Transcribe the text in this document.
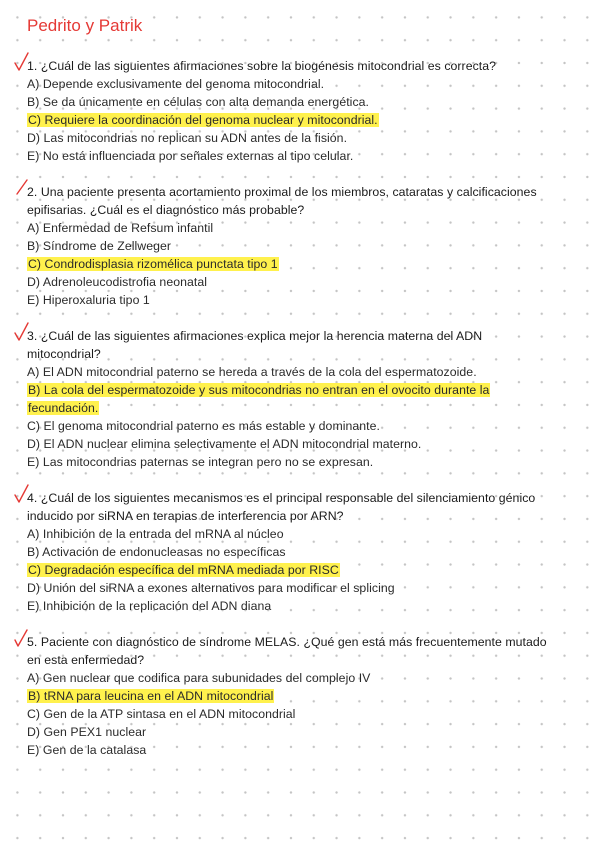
Pedrito y Patrik

1. ¿Cuál de las siguientes afirmaciones sobre la biogénesis mitocondrial es correcta?

A) Depende exclusivamente del genoma mitocondrial.
B) Se da únicamente en células con alta demanda energética.
C) Requiere la coordinación del genoma nuclear y mitocondrial.
D) Las mitocondrias no replican su ADN antes de la fisión.
E) No está influenciada por señales externas al tipo celular.

2. Una paciente presenta acortamiento proximal de los miembros, cataratas y calcificaciones epifisarias. ¿Cuál es el diagnóstico más probable?

A) Enfermedad de Refsum infantil
B) Síndrome de Zellweger
C) Condrodisplasia rizomélica punctata tipo 1
D) Adrenoleucodistrofia neonatal
E) Hiperoxaluria tipo 1

3. ¿Cuál de las siguientes afirmaciones explica mejor la herencia materna del ADN mitocondrial?

A) El ADN mitocondrial paterno se hereda a través de la cola del espermatozoide.
B) La cola del espermatozoide y sus mitocondrias no entran en el ovocito durante la fecundación.
C) El genoma mitocondrial paterno es más estable y dominante.
D) El ADN nuclear elimina selectivamente el ADN mitocondrial materno.
E) Las mitocondrias paternas se integran pero no se expresan.

4. ¿Cuál de los siguientes mecanismos es el principal responsable del silenciamiento génico inducido por siRNA en terapias de interferencia por ARN?

A) Inhibición de la entrada del mRNA al núcleo
B) Activación de endonucleasas no específicas
C) Degradación específica del mRNA mediada por RISC
D) Unión del siRNA a exones alternativos para modificar el splicing
E) Inhibición de la replicación del ADN diana

5. Paciente con diagnóstico de síndrome MELAS. ¿Qué gen está más frecuentemente mutado en esta enfermedad?

A) Gen nuclear que codifica para subunidades del complejo IV
B) tRNA para leucina en el ADN mitocondrial
C) Gen de la ATP sintasa en el ADN mitocondrial
D) Gen PEX1 nuclear
E) Gen de la catalasa
